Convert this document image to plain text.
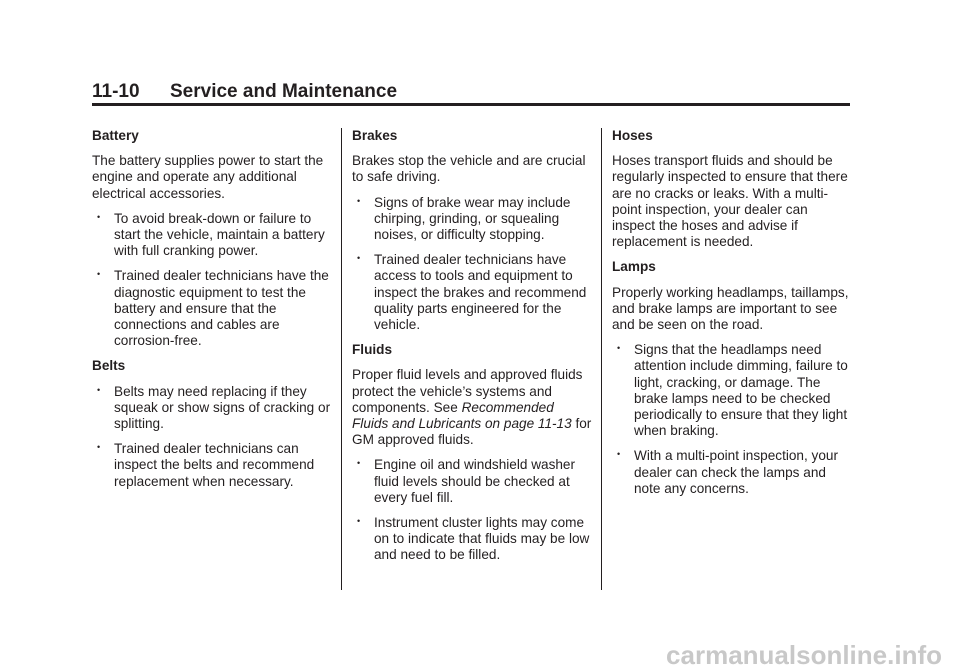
11-10 Service and Maintenance
Battery
The battery supplies power to start the engine and operate any additional electrical accessories.
• To avoid break-down or failure to start the vehicle, maintain a battery with full cranking power.
• Trained dealer technicians have the diagnostic equipment to test the battery and ensure that the connections and cables are corrosion-free.
Belts
• Belts may need replacing if they squeak or show signs of cracking or splitting.
• Trained dealer technicians can inspect the belts and recommend replacement when necessary.
Brakes
Brakes stop the vehicle and are crucial to safe driving.
• Signs of brake wear may include chirping, grinding, or squealing noises, or difficulty stopping.
• Trained dealer technicians have access to tools and equipment to inspect the brakes and recommend quality parts engineered for the vehicle.
Fluids
Proper fluid levels and approved fluids protect the vehicle’s systems and components. See Recommended Fluids and Lubricants on page 11-13 for GM approved fluids.
• Engine oil and windshield washer fluid levels should be checked at every fuel fill.
• Instrument cluster lights may come on to indicate that fluids may be low and need to be filled.
Hoses
Hoses transport fluids and should be regularly inspected to ensure that there are no cracks or leaks. With a multi-point inspection, your dealer can inspect the hoses and advise if replacement is needed.
Lamps
Properly working headlamps, taillamps, and brake lamps are important to see and be seen on the road.
• Signs that the headlamps need attention include dimming, failure to light, cracking, or damage. The brake lamps need to be checked periodically to ensure that they light when braking.
• With a multi-point inspection, your dealer can check the lamps and note any concerns.
carmanualsonline.info
